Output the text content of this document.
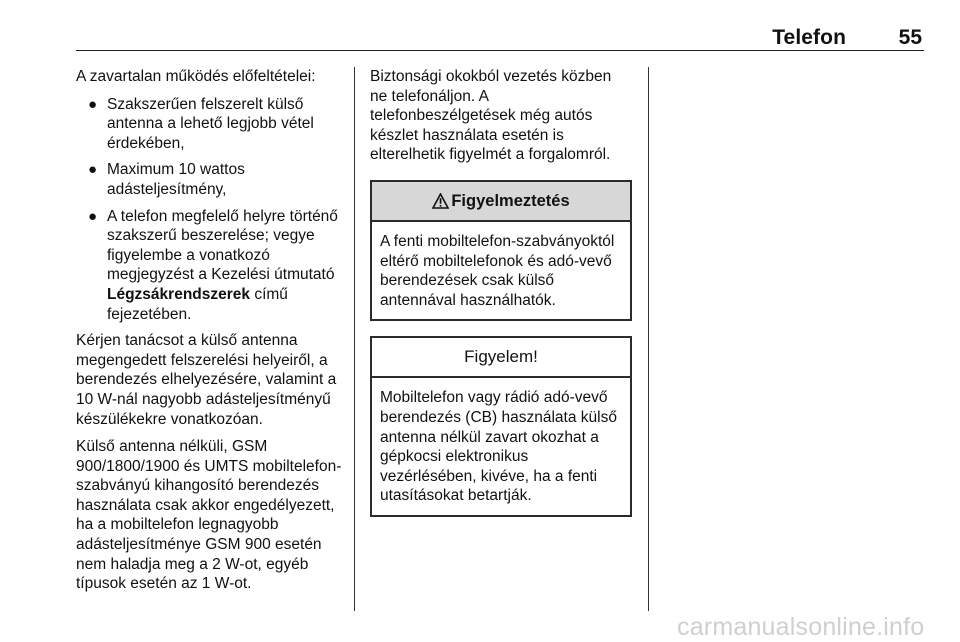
Telefon	55

A zavartalan működés előfeltételei:

● Szakszerűen felszerelt külső antenna a lehető legjobb vétel érdekében,
● Maximum 10 wattos adásteljesítmény,
● A telefon megfelelő helyre történő szakszerű beszerelése; vegye figyelembe a vonatkozó megjegyzést a Kezelési útmutató Légzsákrendszerek című fejezetében.

Kérjen tanácsot a külső antenna megengedett felszerelési helyeiről, a berendezés elhelyezésére, valamint a 10 W-nál nagyobb adásteljesítményű készülékekre vonatkozóan.

Külső antenna nélküli, GSM 900/1800/1900 és UMTS mobiltelefon-szabványú kihangosító berendezés használata csak akkor engedélyezett, ha a mobiltelefon legnagyobb adásteljesítménye GSM 900 esetén nem haladja meg a 2 W-ot, egyéb típusok esetén az 1 W-ot.

Biztonsági okokból vezetés közben ne telefonáljon. A telefonbeszélgetések még autós készlet használata esetén is elterelhetik figyelmét a forgalomról.

Figyelmeztetés
A fenti mobiltelefon-szabványoktól eltérő mobiltelefonok és adó-vevő berendezések csak külső antennával használhatók.
Figyelem!
Mobiltelefon vagy rádió adó-vevő berendezés (CB) használata külső antenna nélkül zavart okozhat a gépkocsi elektronikus vezérlésében, kivéve, ha a fenti utasításokat betartják.
carmanualsonline.info
